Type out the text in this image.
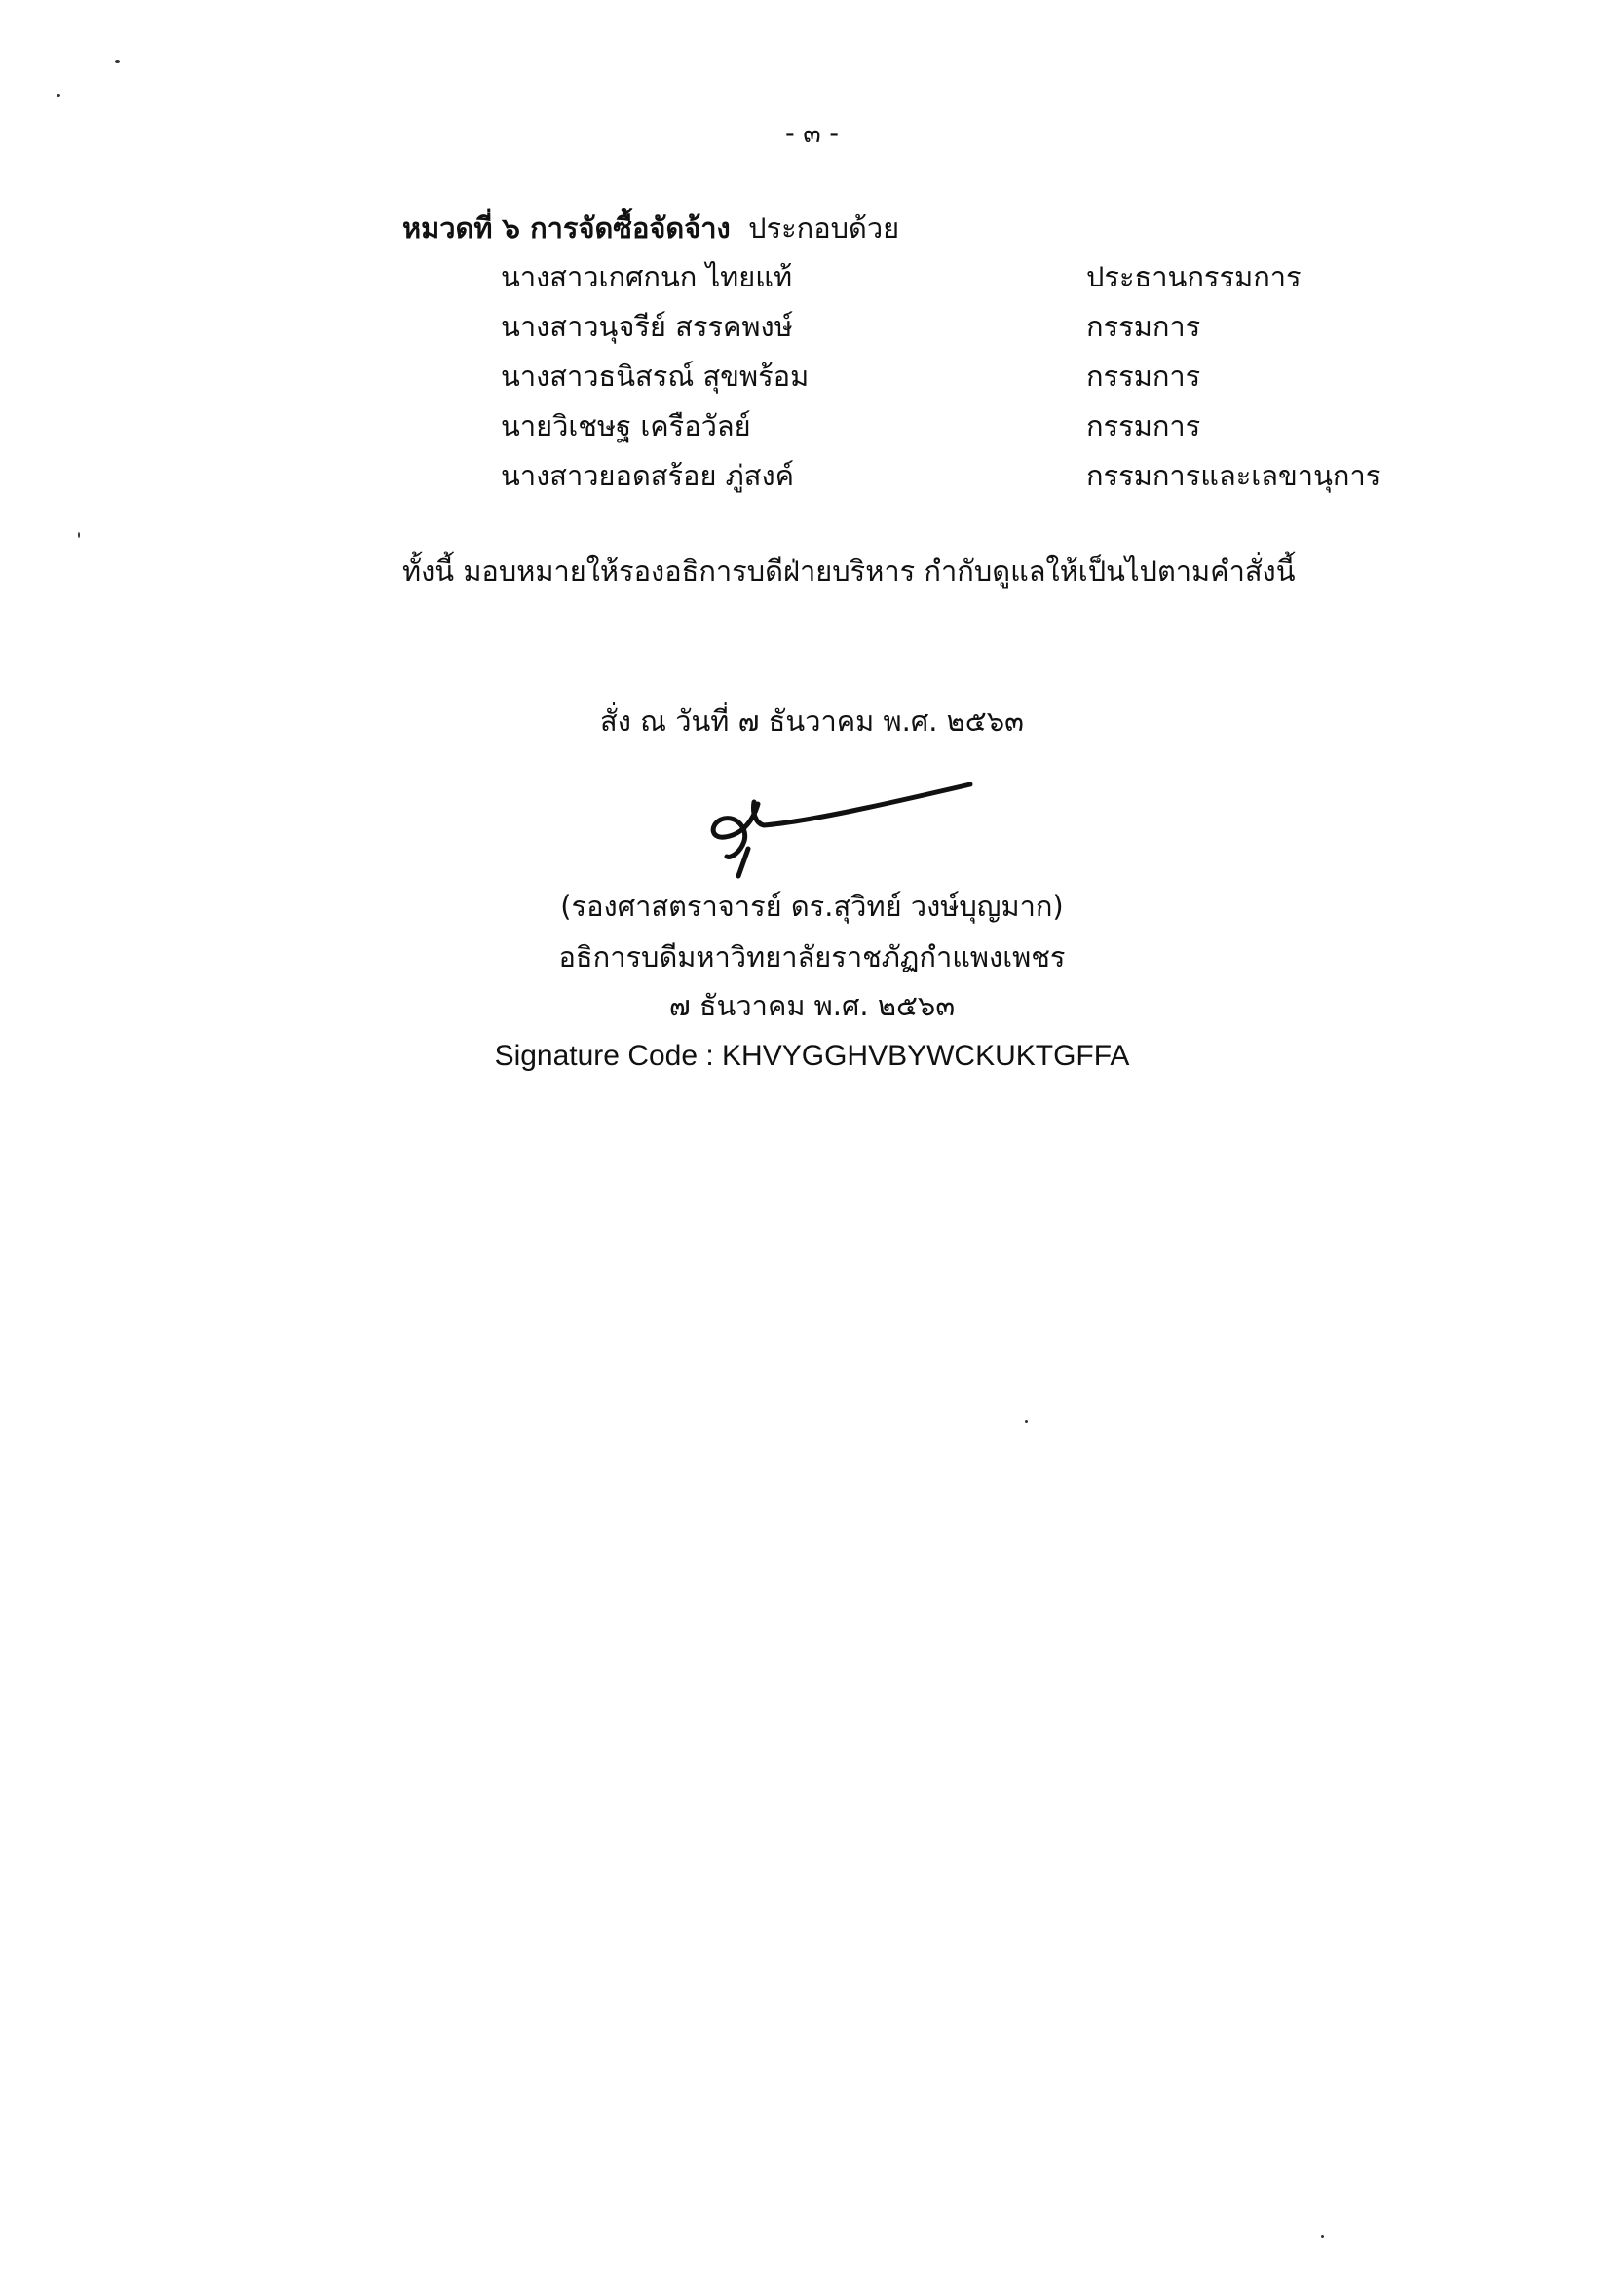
- ๓ -
หมวดที่ ๖ การจัดซื้อจัดจ้าง ประกอบด้วย
นางสาวเกศกนก ไทยแท้	ประธานกรรมการ
นางสาวนุจรีย์ สรรคพงษ์	กรรมการ
นางสาวธนิสรณ์ สุขพร้อม	กรรมการ
นายวิเชษฐ เครือวัลย์	กรรมการ
นางสาวยอดสร้อย ภู่สงค์	กรรมการและเลขานุการ
ทั้งนี้ มอบหมายให้รองอธิการบดีฝ่ายบริหาร กำกับดูแลให้เป็นไปตามคำสั่งนี้
สั่ง ณ วันที่ ๗ ธันวาคม พ.ศ. ๒๕๖๓
(รองศาสตราจารย์ ดร.สุวิทย์ วงษ์บุญมาก)
อธิการบดีมหาวิทยาลัยราชภัฏกำแพงเพชร
๗ ธันวาคม พ.ศ. ๒๕๖๓
Signature Code : KHVYGGHVBYWCKUKTGFFA
